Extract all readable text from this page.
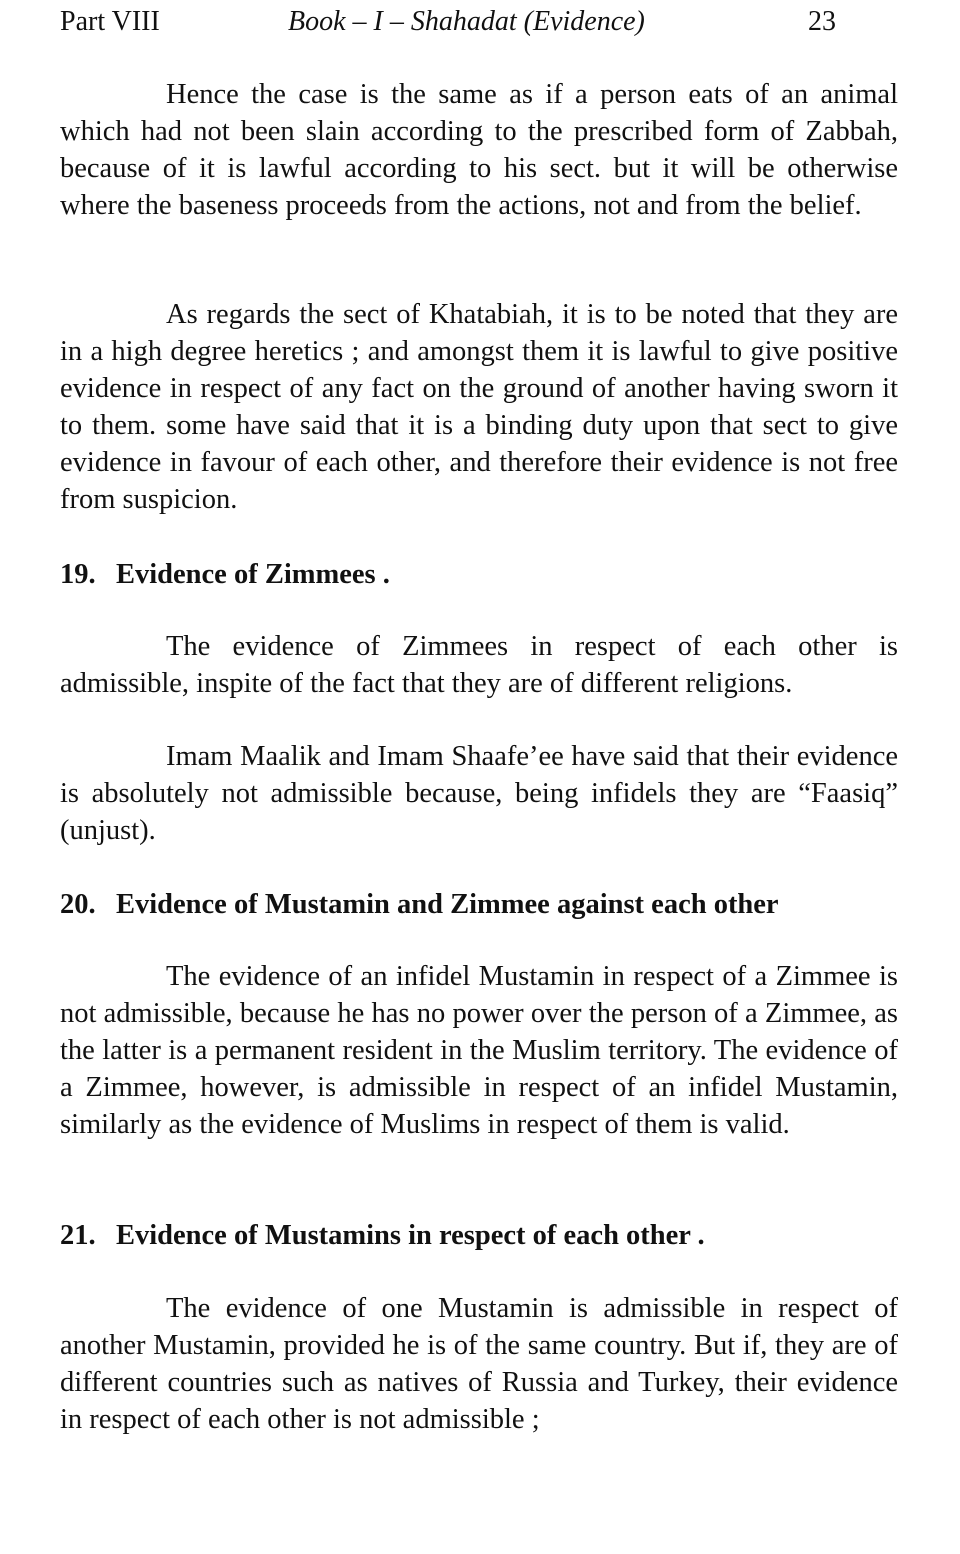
Part VIII	Book – I – Shahadat (Evidence)	23

Hence the case is the same as if a person eats of an animal which had not been slain according to the prescribed form of Zabbah, because of it is lawful according to his sect. but it will be otherwise where the baseness proceeds from the actions, not and from the belief.

As regards the sect of Khatabiah, it is to be noted that they are in a high degree heretics ; and amongst them it is lawful to give positive evidence in respect of any fact on the ground of another having sworn it to them. some have said that it is a binding duty upon that sect to give evidence in favour of each other, and therefore their evidence is not free from suspicion.

19. Evidence of Zimmees .

The evidence of Zimmees in respect of each other is admissible, inspite of the fact that they are of different religions.

Imam Maalik and Imam Shaafe’ee have said that their evidence is absolutely not admissible because, being infidels they are “Faasiq” (unjust).

20. Evidence of Mustamin and Zimmee against each other

The evidence of an infidel Mustamin in respect of a Zimmee is not admissible, because he has no power over the person of a Zimmee, as the latter is a permanent resident in the Muslim territory. The evidence of a Zimmee, however, is admissible in respect of an infidel Mustamin, similarly as the evidence of Muslims in respect of them is valid.

21. Evidence of Mustamins in respect of each other .

The evidence of one Mustamin is admissible in respect of another Mustamin, provided he is of the same country. But if, they are of different countries such as natives of Russia and Turkey, their evidence in respect of each other is not admissible ;
